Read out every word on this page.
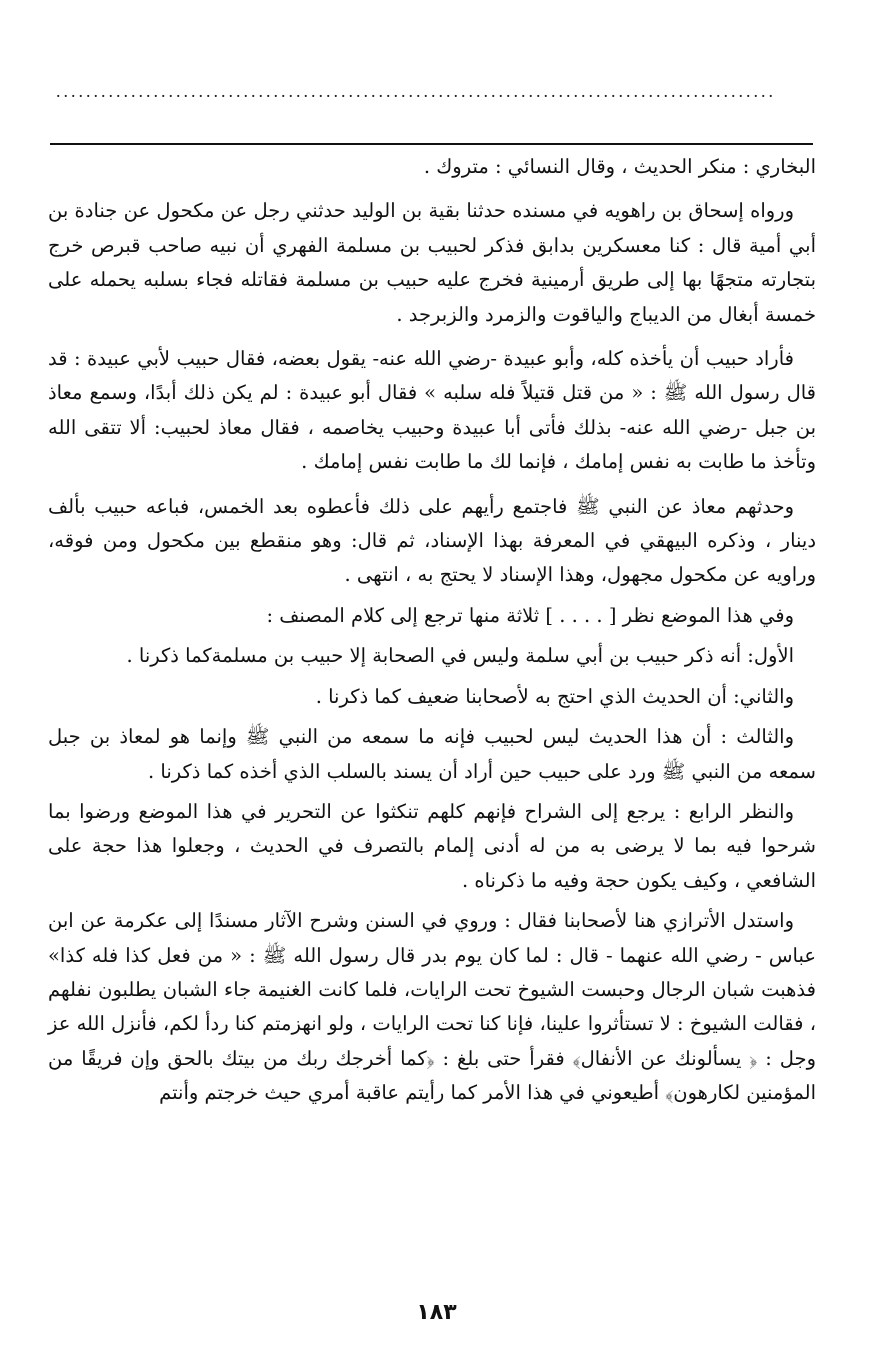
................................................................................................

البخاري : منكر الحديث ، وقال النسائي : متروك .

ورواه إسحاق بن راهويه في مسنده حدثنا بقية بن الوليد حدثني رجل عن مكحول عن جنادة بن أبي أمية قال : كنا معسكرين بدابق فذكر لحبيب بن مسلمة الفهري أن نبيه صاحب قبرص خرج بتجارته متجهًا بها إلى طريق أرمينية فخرج عليه حبيب بن مسلمة فقاتله فجاء بسلبه يحمله على خمسة أبغال من الديباج والياقوت والزمرد والزبرجد .

فأراد حبيب أن يأخذه كله، وأبو عبيدة -رضي الله عنه- يقول بعضه، فقال حبيب لأبي عبيدة : قد قال رسول الله ﷺ : « من قتل قتيلاً فله سلبه » فقال أبو عبيدة : لم يكن ذلك أبدًا، وسمع معاذ بن جبل -رضي الله عنه- بذلك فأتى أبا عبيدة وحبيب يخاصمه ، فقال معاذ لحبيب: ألا تتقى الله وتأخذ ما طابت به نفس إمامك ، فإنما لك ما طابت نفس إمامك .

وحدثهم معاذ عن النبي ﷺ فاجتمع رأيهم على ذلك فأعطوه بعد الخمس، فباعه حبيب بألف دينار ، وذكره البيهقي في المعرفة بهذا الإسناد، ثم قال: وهو منقطع بين مكحول ومن فوقه، وراويه عن مكحول مجهول، وهذا الإسناد لا يحتج به ، انتهى .

وفي هذا الموضع نظر [ . . . . ] ثلاثة منها ترجع إلى كلام المصنف :

الأول: أنه ذكر حبيب بن أبي سلمة وليس في الصحابة إلا حبيب بن مسلمةكما ذكرنا .

والثاني: أن الحديث الذي احتج به لأصحابنا ضعيف كما ذكرنا .

والثالث : أن هذا الحديث ليس لحبيب فإنه ما سمعه من النبي ﷺ وإنما هو لمعاذ بن جبل سمعه من النبي ﷺ ورد على حبيب حين أراد أن يسند بالسلب الذي أخذه كما ذكرنا .

والنظر الرابع : يرجع إلى الشراح فإنهم كلهم تنكثوا عن التحرير في هذا الموضع ورضوا بما شرحوا فيه بما لا يرضى به من له أدنى إلمام بالتصرف في الحديث ، وجعلوا هذا حجة على الشافعي ، وكيف يكون حجة وفيه ما ذكرناه .

واستدل الأترازي هنا لأصحابنا فقال : وروي في السنن وشرح الآثار مسندًا إلى عكرمة عن ابن عباس - رضي الله عنهما - قال : لما كان يوم بدر قال رسول الله ﷺ : « من فعل كذا فله كذا» فذهبت شبان الرجال وحبست الشيوخ تحت الرايات، فلما كانت الغنيمة جاء الشبان يطلبون نفلهم ، فقالت الشيوخ : لا تستأثروا علينا، فإنا كنا تحت الرايات ، ولو انهزمتم كنا ردأ لكم، فأنزل الله عز وجل : ﴿ يسألونك عن الأنفال﴾ فقرأ حتى بلغ : ﴿كما أخرجك ربك من بيتك بالحق وإن فريقًا من المؤمنين لكارهون﴾ أطيعوني في هذا الأمر كما رأيتم عاقبة أمري حيث خرجتم وأنتم

١٨٣
